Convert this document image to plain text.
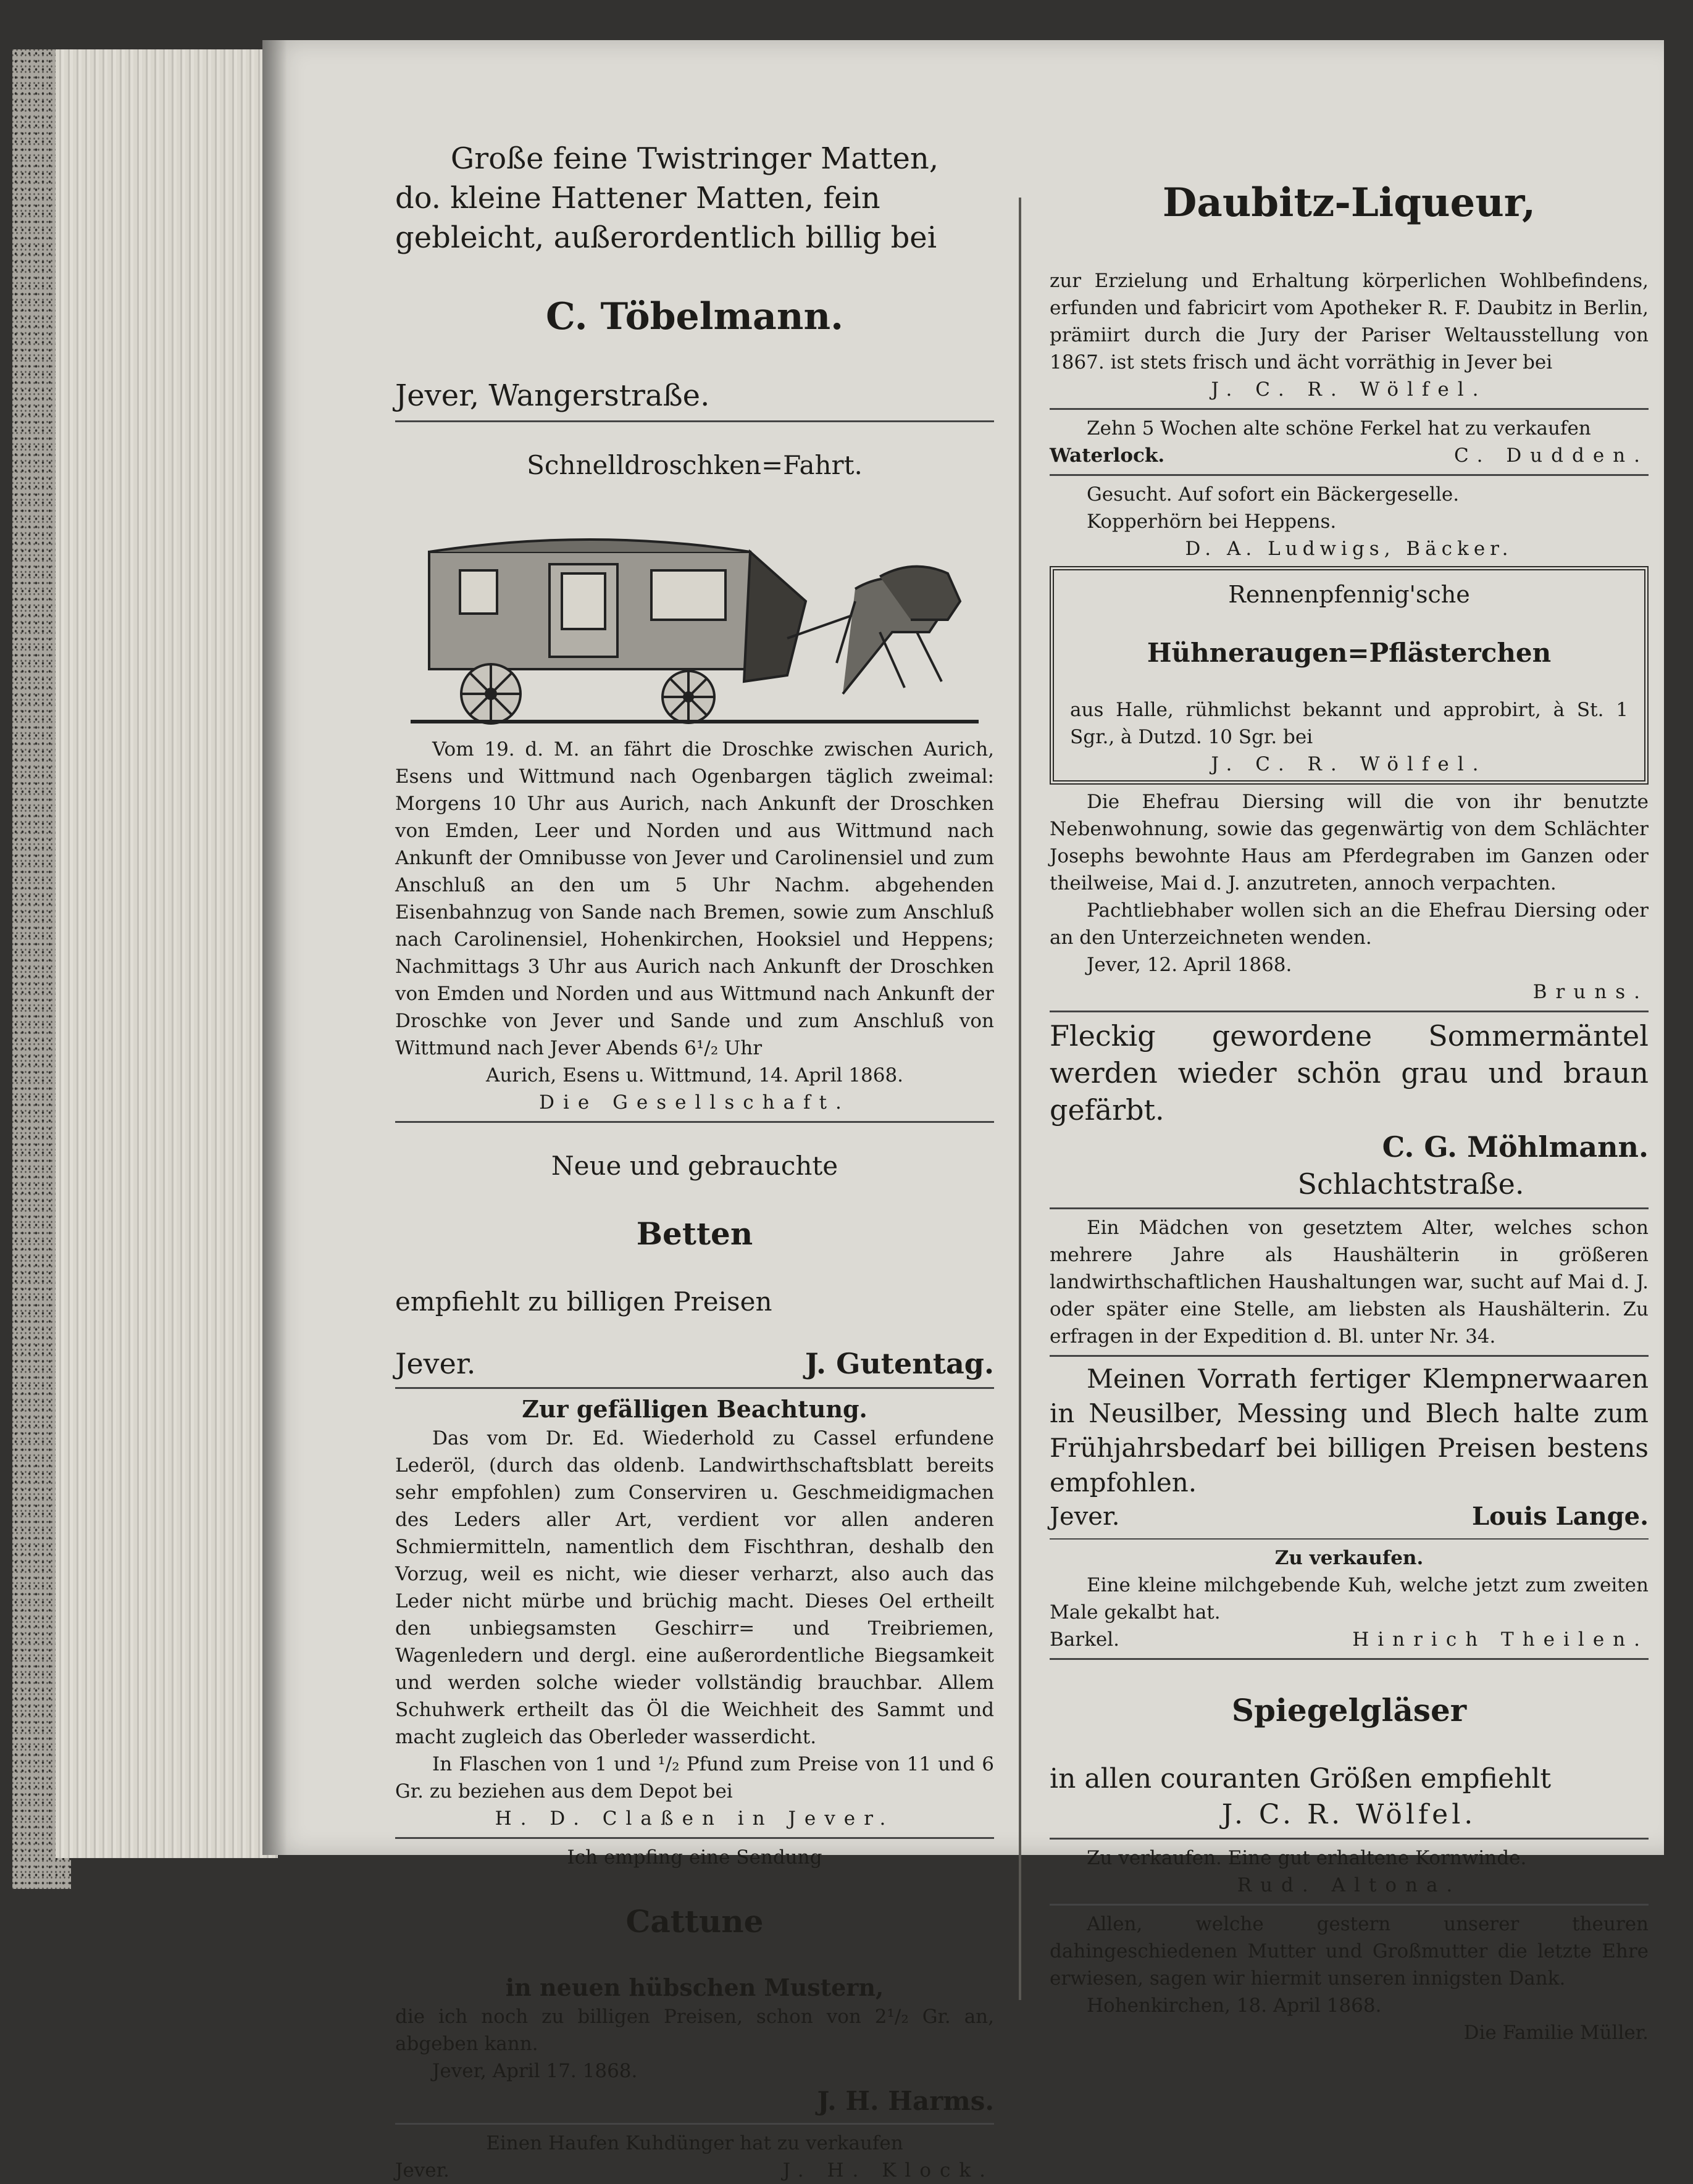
Große feine Twistringer Matten,

do. kleine Hattener Matten, fein

gebleicht, außerordentlich billig bei

C. Töbelmann.

Jever, Wangerstraße.

Schnelldroschken=Fahrt.

Vom 19. d. M. an fährt die Droschke zwischen Aurich, Esens und Wittmund nach Ogenbargen täglich zweimal: Morgens 10 Uhr aus Aurich, nach Ankunft der Droschken von Emden, Leer und Norden und aus Wittmund nach Ankunft der Omnibusse von Jever und Carolinensiel und zum Anschluß an den um 5 Uhr Nachm. abgehenden Eisenbahnzug von Sande nach Bremen, sowie zum Anschluß nach Carolinensiel, Hohenkirchen, Hooksiel und Heppens; Nachmittags 3 Uhr aus Aurich nach Ankunft der Droschken von Emden und Norden und aus Wittmund nach Ankunft der Droschke von Jever und Sande und zum Anschluß von Wittmund nach Jever Abends 6¹/₂ Uhr

Aurich, Esens u. Wittmund, 14. April 1868.

Die Gesellschaft.

Neue und gebrauchte

Betten

empfiehlt zu billigen Preisen

Jever.	J. Gutentag.

Zur gefälligen Beachtung.

Das vom Dr. Ed. Wiederhold zu Cassel erfundene Lederöl, (durch das oldenb. Landwirthschaftsblatt bereits sehr empfohlen) zum Conserviren u. Geschmeidigmachen des Leders aller Art, verdient vor allen anderen Schmiermitteln, namentlich dem Fischthran, deshalb den Vorzug, weil es nicht, wie dieser verharzt, also auch das Leder nicht mürbe und brüchig macht. Dieses Oel ertheilt den unbiegsamsten Geschirr= und Treibriemen, Wagenledern und dergl. eine außerordentliche Biegsamkeit und werden solche wieder vollständig brauchbar. Allem Schuhwerk ertheilt das Öl die Weichheit des Sammt und macht zugleich das Oberleder wasserdicht.

In Flaschen von 1 und ¹/₂ Pfund zum Preise von 11 und 6 Gr. zu beziehen aus dem Depot bei

H. D. Claßen in Jever.

Ich empfing eine Sendung

Cattune

in neuen hübschen Mustern,

die ich noch zu billigen Preisen, schon von 2¹/₂ Gr. an, abgeben kann.

Jever, April 17. 1868.

J. H. Harms.

Einen Haufen Kuhdünger hat zu verkaufen

Jever.	J. H. Klock.

Daubitz-Liqueur,

zur Erzielung und Erhaltung körperlichen Wohlbefindens, erfunden und fabricirt vom Apotheker R. F. Daubitz in Berlin, prämiirt durch die Jury der Pariser Weltausstellung von 1867. ist stets frisch und ächt vorräthig in Jever bei

J. C. R. Wölfel.

Zehn 5 Wochen alte schöne Ferkel hat zu verkaufen

Waterlock.	C. Dudden.

Gesucht. Auf sofort ein Bäckergeselle.

Kopperhörn bei Heppens.

D. A. Ludwigs, Bäcker.

Rennenpfennig'sche

Hühneraugen=Pflästerchen

aus Halle, rühmlichst bekannt und approbirt, à St. 1 Sgr., à Dutzd. 10 Sgr. bei

J. C. R. Wölfel.

Die Ehefrau Diersing will die von ihr benutzte Nebenwohnung, sowie das gegenwärtig von dem Schlächter Josephs bewohnte Haus am Pferdegraben im Ganzen oder theilweise, Mai d. J. anzutreten, annoch verpachten.

Pachtliebhaber wollen sich an die Ehefrau Diersing oder an den Unterzeichneten wenden.

Jever, 12. April 1868.

Bruns.

Fleckig gewordene Sommermäntel werden wieder schön grau und braun gefärbt.

C. G. Möhlmann.

Schlachtstraße.

Ein Mädchen von gesetztem Alter, welches schon mehrere Jahre als Haushälterin in größeren landwirthschaftlichen Haushaltungen war, sucht auf Mai d. J. oder später eine Stelle, am liebsten als Haushälterin. Zu erfragen in der Expedition d. Bl. unter Nr. 34.

Meinen Vorrath fertiger Klempnerwaaren in Neusilber, Messing und Blech halte zum Frühjahrsbedarf bei billigen Preisen bestens empfohlen.

Jever.	Louis Lange.

Zu verkaufen.

Eine kleine milchgebende Kuh, welche jetzt zum zweiten Male gekalbt hat.

Barkel.	Hinrich Theilen.

Spiegelgläser

in allen couranten Größen empfiehlt

J. C. R. Wölfel.

Zu verkaufen. Eine gut erhaltene Kornwinde.

Rud. Altona.

Allen, welche gestern unserer theuren dahingeschiedenen Mutter und Großmutter die letzte Ehre erwiesen, sagen wir hiermit unseren innigsten Dank.

Hohenkirchen, 18. April 1868.

Die Familie Müller.
